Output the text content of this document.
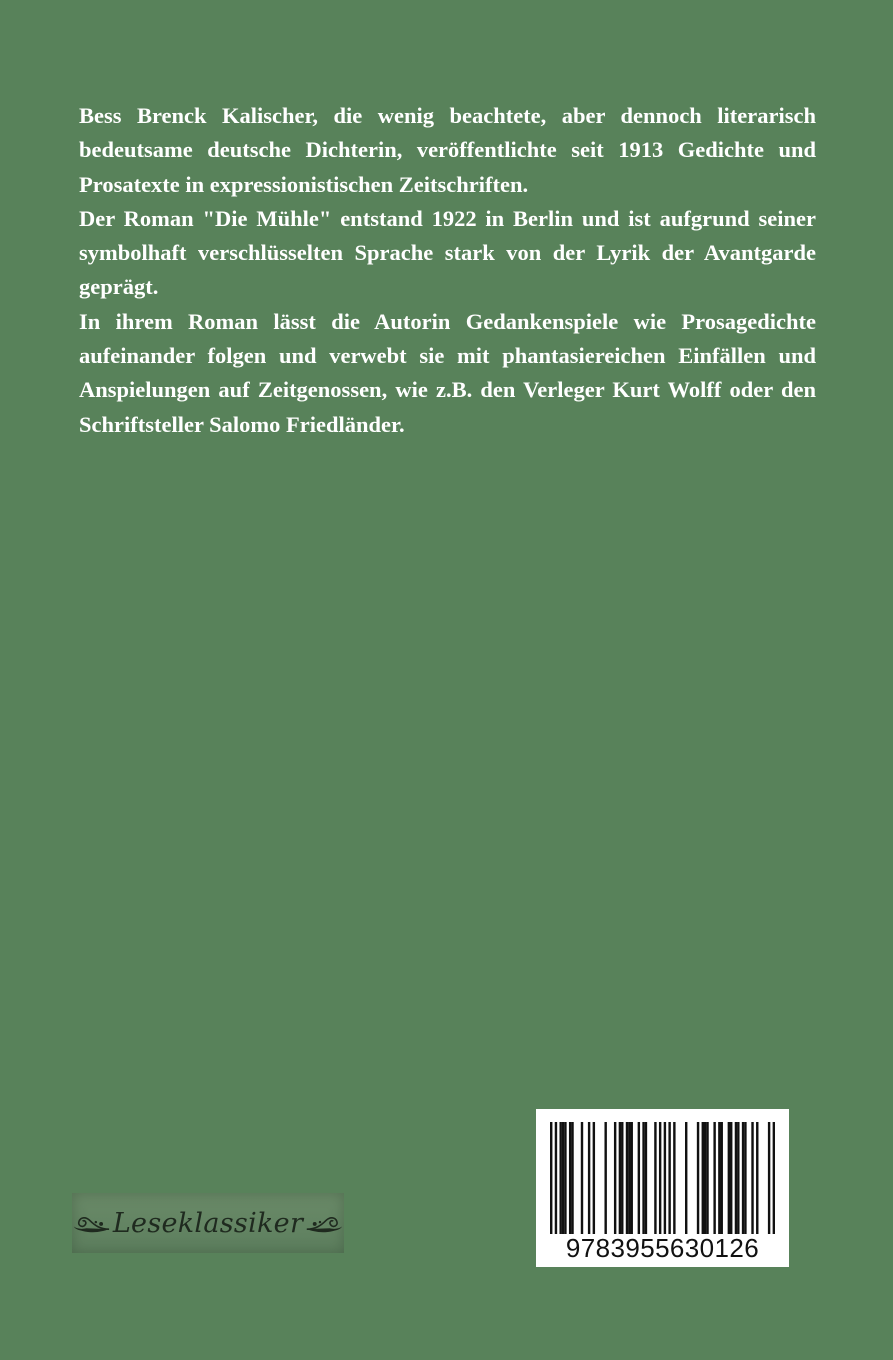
Bess Brenck Kalischer, die wenig beachtete, aber dennoch literarisch bedeutsame deutsche Dichterin, veröffentlichte seit 1913 Gedichte und Prosatexte in expressionistischen Zeitschriften.

Der Roman "Die Mühle" entstand 1922 in Berlin und ist aufgrund seiner symbolhaft verschlüsselten Sprache stark von der Lyrik der Avantgarde geprägt.

In ihrem Roman lässt die Autorin Gedankenspiele wie Prosagedichte aufeinander folgen und verwebt sie mit phantasiereichen Einfällen und Anspielungen auf Zeitgenossen, wie z.B. den Verleger Kurt Wolff oder den Schriftsteller Salomo Friedländer.

Leseklassiker
9783955630126
